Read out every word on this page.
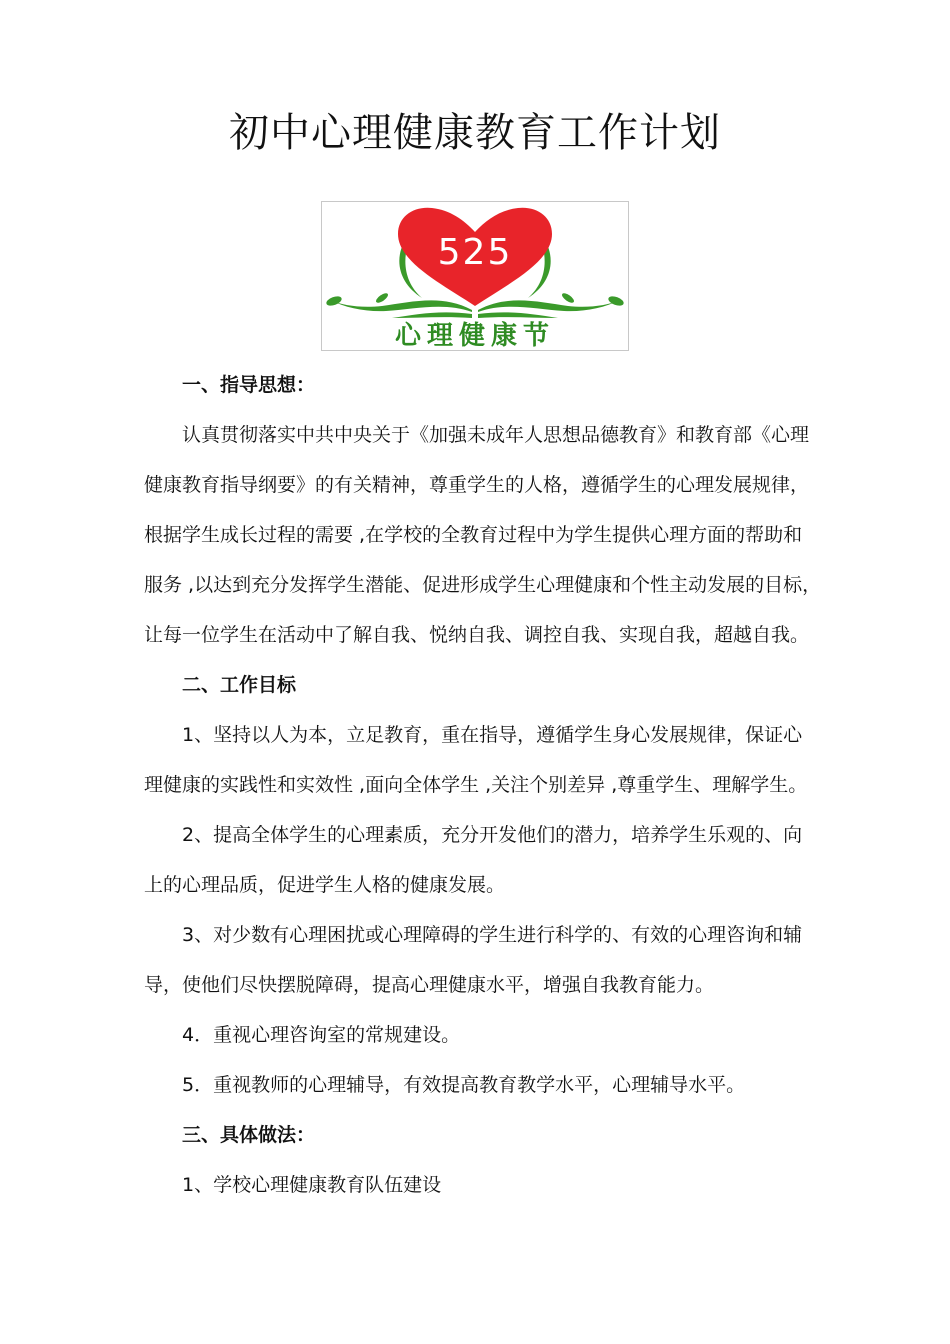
初中心理健康教育工作计划
525
心理健康节

一、指导思想：

认真贯彻落实中共中央关于《加强未成年人思想品德教育》和教育部《心理

健康教育指导纲要》的有关精神，尊重学生的人格，遵循学生的心理发展规律，

根据学生成长过程的需要 ,在学校的全教育过程中为学生提供心理方面的帮助和

服务 ,以达到充分发挥学生潜能、促进形成学生心理健康和个性主动发展的目标，

让每一位学生在活动中了解自我、悦纳自我、调控自我、实现自我，超越自我。

二、工作目标

1、坚持以人为本，立足教育，重在指导，遵循学生身心发展规律，保证心

理健康的实践性和实效性 ,面向全体学生 ,关注个别差异 ,尊重学生、理解学生。

2、提高全体学生的心理素质，充分开发他们的潜力，培养学生乐观的、向

上的心理品质，促进学生人格的健康发展。

3、对少数有心理困扰或心理障碍的学生进行科学的、有效的心理咨询和辅

导，使他们尽快摆脱障碍，提高心理健康水平，增强自我教育能力。

4．重视心理咨询室的常规建设。

5．重视教师的心理辅导，有效提高教育教学水平，心理辅导水平。

三、具体做法：

1、学校心理健康教育队伍建设
